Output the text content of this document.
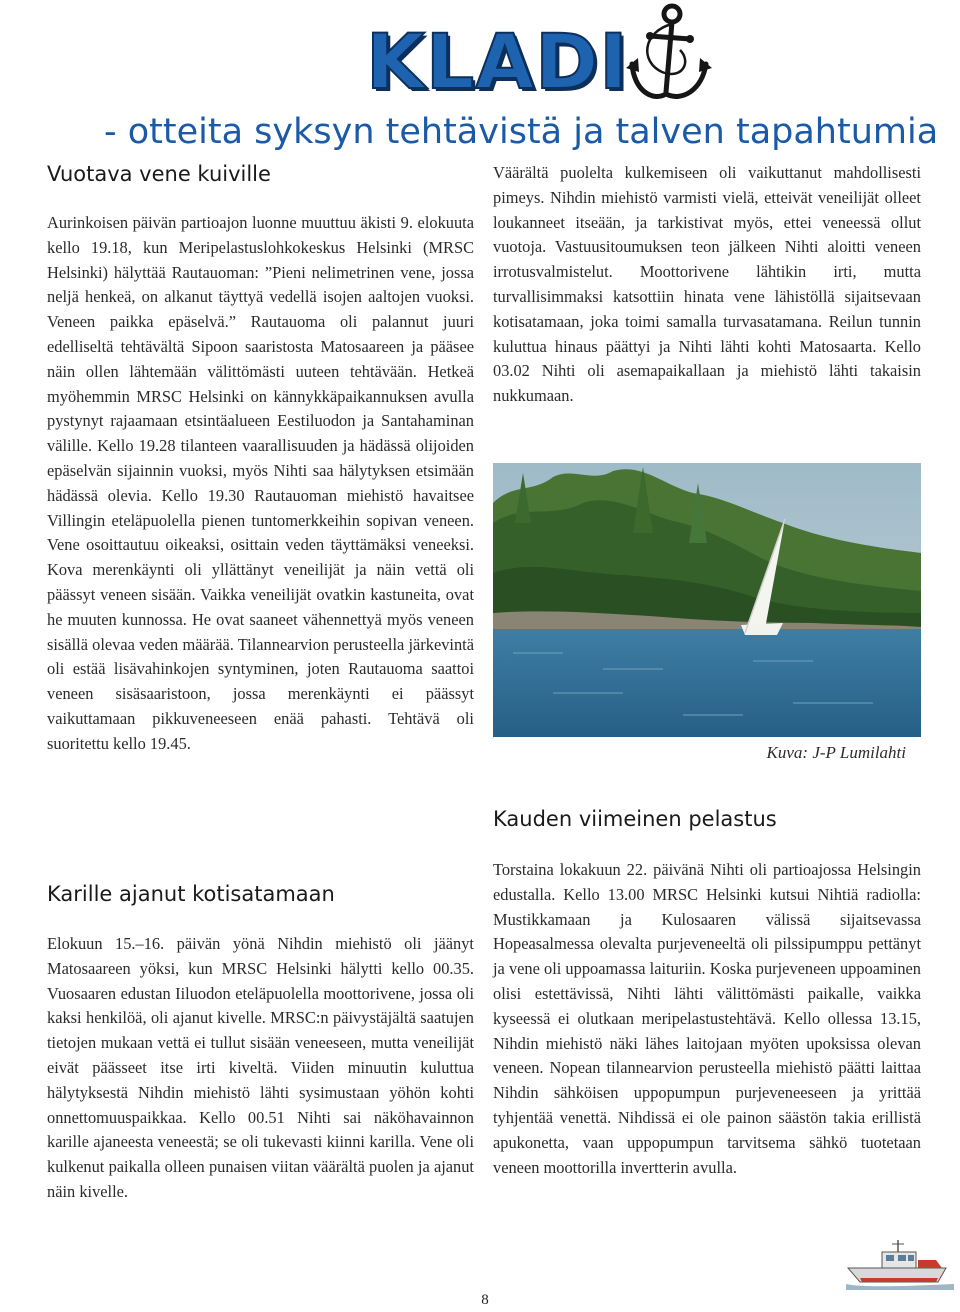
KLADI
- otteita syksyn tehtävistä ja talven tapahtumia
Vuotava vene kuiville

Aurinkoisen päivän partioajon luonne muuttuu äkisti 9. elokuuta kello 19.18, kun Meripelastuslohkokeskus Helsinki (MRSC Helsinki) hälyttää Rautauoman: ”Pieni nelimetrinen vene, jossa neljä henkeä, on alkanut täyttyä vedellä isojen aaltojen vuoksi. Veneen paikka epäselvä.” Rautauoma oli palannut juuri edelliseltä tehtävältä Sipoon saaristosta Matosaareen ja pääsee näin ollen lähtemään välittömästi uuteen tehtävään. Hetkeä myöhemmin MRSC Helsinki on kännykkäpaikannuksen avulla pystynyt rajaamaan etsintäalueen Eestiluodon ja Santahaminan välille. Kello 19.28 tilanteen vaarallisuuden ja hädässä olijoiden epäselvän sijainnin vuoksi, myös Nihti saa hälytyksen etsimään hädässä olevia. Kello 19.30 Rautauoman miehistö havaitsee Villingin eteläpuolella pienen tuntomerkkeihin sopivan veneen. Vene osoittautuu oikeaksi, osittain veden täyttämäksi veneeksi. Kova merenkäynti oli yllättänyt veneilijät ja näin vettä oli päässyt veneen sisään. Vaikka veneilijät ovatkin kastuneita, ovat he muuten kunnossa. He ovat saaneet vähennettyä myös veneen sisällä olevaa veden määrää. Tilannearvion perusteella järkevintä oli estää lisävahinkojen syntyminen, joten Rautauoma saattoi veneen sisäsaaristoon, jossa merenkäynti ei päässyt vaikuttamaan pikkuveneeseen enää pahasti. Tehtävä oli suoritettu kello 19.45.

Karille ajanut kotisatamaan

Elokuun 15.–16. päivän yönä Nihdin miehistö oli jäänyt Matosaareen yöksi, kun MRSC Helsinki hälytti kello 00.35. Vuosaaren edustan Iiluodon eteläpuolella moottorivene, jossa oli kaksi henkilöä, oli ajanut kivelle. MRSC:n päivystäjältä saatujen tietojen mukaan vettä ei tullut sisään veneeseen, mutta veneilijät eivät päässeet itse irti kiveltä. Viiden minuutin kuluttua hälytyksestä Nihdin miehistö lähti sysimustaan yöhön kohti onnettomuuspaikkaa. Kello 00.51 Nihti sai näköhavainnon karille ajaneesta veneestä; se oli tukevasti kiinni karilla. Vene oli kulkenut paikalla olleen punaisen viitan väärältä puolen ja ajanut näin kivelle.

Väärältä puolelta kulkemiseen oli vaikuttanut mahdollisesti pimeys. Nihdin miehistö varmisti vielä, etteivät veneilijät olleet loukanneet itseään, ja tarkistivat myös, ettei veneessä ollut vuotoja. Vastuusitoumuksen teon jälkeen Nihti aloitti veneen irrotusvalmistelut. Moottorivene lähtikin irti, mutta turvallisimmaksi katsottiin hinata vene lähistöllä sijaitsevaan kotisatamaan, joka toimi samalla turvasatamana. Reilun tunnin kuluttua hinaus päättyi ja Nihti lähti kohti Matosaarta. Kello 03.02 Nihti oli asemapaikallaan ja miehistö lähti takaisin nukkumaan.

Kuva: J-P Lumilahti
Kauden viimeinen pelastus

Torstaina lokakuun 22. päivänä Nihti oli partioajossa Helsingin edustalla. Kello 13.00 MRSC Helsinki kutsui Nihtiä radiolla: Mustikkamaan ja Kulosaaren välissä sijaitsevassa Hopeasalmessa olevalta purjeveneeltä oli pilssipumppu pettänyt ja vene oli uppoamassa laituriin. Koska purjeveneen uppoaminen olisi estettävissä, Nihti lähti välittömästi paikalle, vaikka kyseessä ei olutkaan meripelastustehtävä. Kello ollessa 13.15, Nihdin miehistö näki lähes laitojaan myöten upoksissa olevan veneen. Nopean tilannearvion perusteella miehistö päätti laittaa Nihdin sähköisen uppopumpun purjeveneeseen ja yrittää tyhjentää venettä. Nihdissä ei ole painon säästön takia erillistä apukonetta, vaan uppopumpun tarvitsema sähkö tuotetaan veneen moottorilla invertterin avulla.

8
